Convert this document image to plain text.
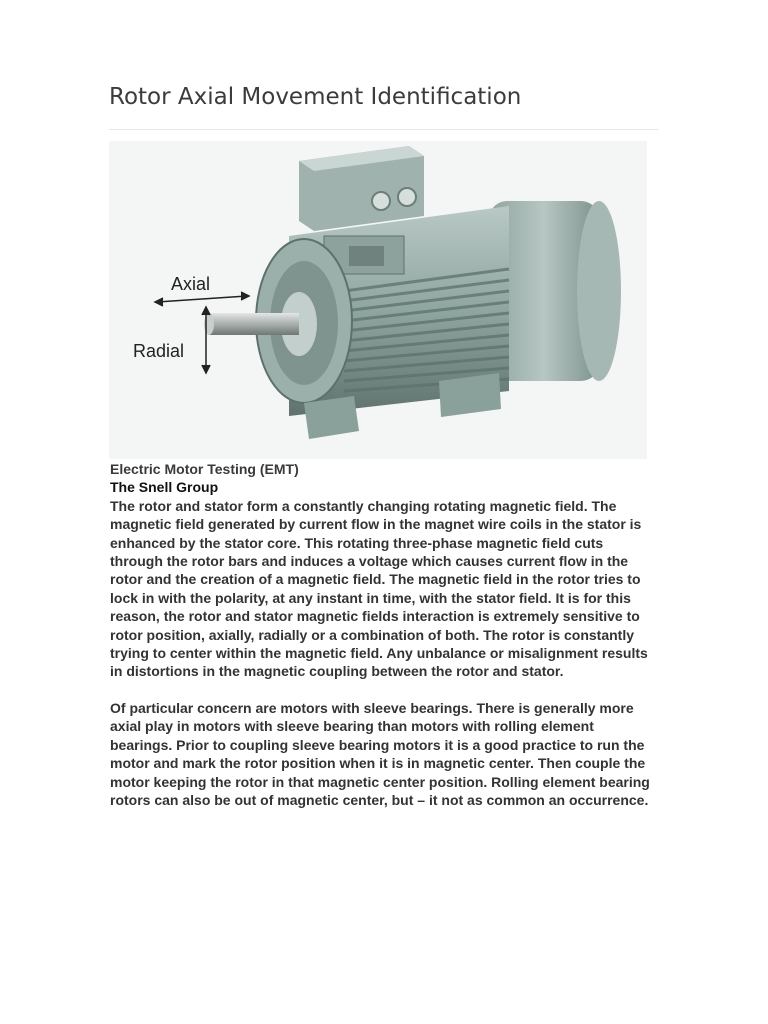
Rotor Axial Movement Identification
Axial
Radial

Electric Motor Testing (EMT)

The Snell Group

The rotor and stator form a constantly changing rotating magnetic field. The magnetic field generated by current flow in the magnet wire coils in the stator is enhanced by the stator core. This rotating three-phase magnetic field cuts through the rotor bars and induces a voltage which causes current flow in the rotor and the creation of a magnetic field. The magnetic field in the rotor tries to lock in with the polarity, at any instant in time, with the stator field. It is for this reason, the rotor and stator magnetic fields interaction is extremely sensitive to rotor position, axially, radially or a combination of both. The rotor is constantly trying to center within the magnetic field. Any unbalance or misalignment results in distortions in the magnetic coupling between the rotor and stator.

Of particular concern are motors with sleeve bearings. There is generally more axial play in motors with sleeve bearing than motors with rolling element bearings. Prior to coupling sleeve bearing motors it is a good practice to run the motor and mark the rotor position when it is in magnetic center. Then couple the motor keeping the rotor in that magnetic center position. Rolling element bearing rotors can also be out of magnetic center, but – it not as common an occurrence.
